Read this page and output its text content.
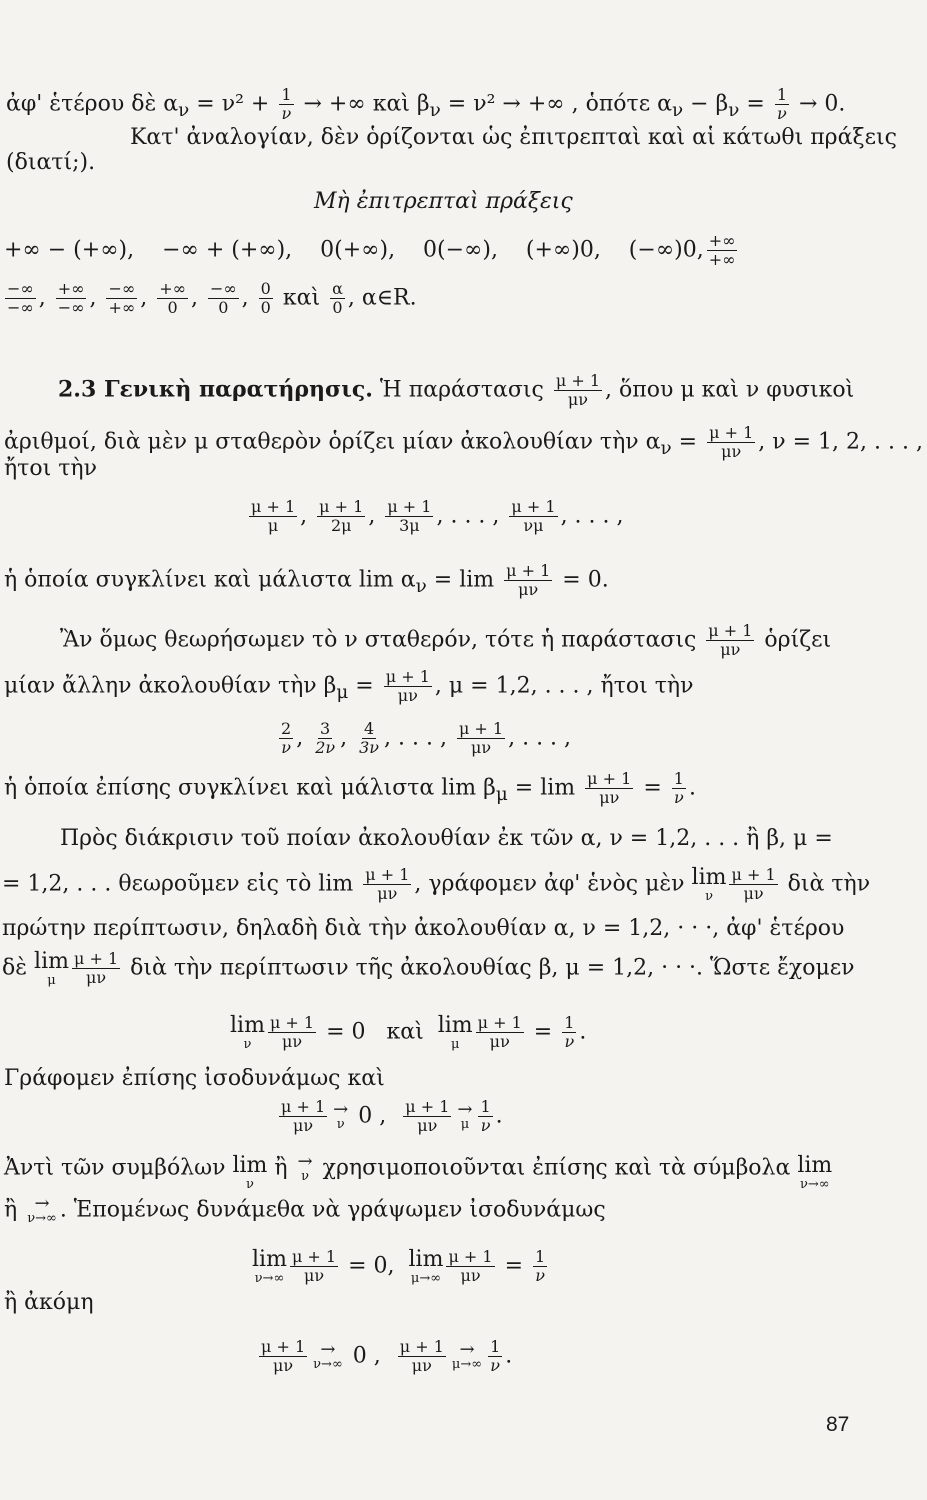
ἀφ' ἑτέρου δὲ $\alpha_\nu = \nu^2 + \frac{1}{\nu}$ → +∞ καὶ $\beta_\nu = \nu^2$ → +∞ , ὁπότε $\alpha_\nu - \beta_\nu = \frac{1}{\nu} \to 0$.
Κατ' ἀναλογίαν, δὲν ὁρίζονται ὡς ἐπιτρεπταὶ καὶ αἱ κάτωθι πράξεις
(διατί;).
Μὴ ἐπιτρεπταὶ πράξεις
+∞ − (+∞),    −∞ + (+∞),    0(+∞),    0(−∞),    (+∞)0,    (−∞)0, $\frac{+\infty}{+\infty}$
$\frac{-\infty}{-\infty}$ , $\frac{+\infty}{-\infty}$ , $\frac{-\infty}{+\infty}$ , $\frac{+\infty}{0}$ , $\frac{-\infty}{0}$ , $\frac{0}{0}$ καὶ $\frac{\alpha}{0}$ , α∈R.
2.3 Γενικὴ παρατήρησις. Ἡ παράστασις $\frac{\mu + 1}{\mu\nu}$ , ὅπου μ καὶ ν φυσικοὶ
ἀριθμοί, διὰ μὲν μ σταθερὸν ὁρίζει μίαν ἀκολουθίαν τὴν $\alpha_\nu = \frac{\mu + 1}{\mu\nu}$ , ν = 1, 2, . . . ,
ἤτοι τὴν
$\frac{\mu + 1}{\mu}$ , $\frac{\mu + 1}{2\mu}$ , $\frac{\mu + 1}{3\mu}$ , . . . , $\frac{\mu + 1}{\nu\mu}$ , . . . ,
ἡ ὁποία συγκλίνει καὶ μάλιστα $\lim \alpha_\nu = \lim \frac{\mu + 1}{\mu\nu} = 0$.
Ἂν ὅμως θεωρήσωμεν τὸ ν σταθερόν, τότε ἡ παράστασις $\frac{\mu + 1}{\mu\nu}$ ὁρίζει
μίαν ἄλλην ἀκολουθίαν τὴν $\beta_\mu = \frac{\mu + 1}{\mu\nu}$ , μ = 1,2, . . . , ἤτοι τὴν
$\frac{2}{\nu}$ , $\frac{3}{2\nu}$ , $\frac{4}{3\nu}$ , . . . , $\frac{\mu + 1}{\mu\nu}$ , . . . ,
ἡ ὁποία ἐπίσης συγκλίνει καὶ μάλιστα $\lim \beta_\mu = \lim \frac{\mu + 1}{\mu\nu} = \frac{1}{\nu}$ .
Πρὸς διάκρισιν τοῦ ποίαν ἀκολουθίαν ἐκ τῶν α, ν = 1,2, . . . ἢ β, μ =
= 1,2, . . . θεωροῦμεν εἰς τὸ $\lim \frac{\mu + 1}{\mu\nu}$ , γράφομεν ἀφ' ἑνὸς μὲν lim
ν $\frac{\mu + 1}{\mu\nu}$ διὰ τὴν
πρώτην περίπτωσιν, δηλαδὴ διὰ τὴν ἀκολουθίαν α, ν = 1,2, · · ·, ἀφ' ἑτέρου
δὲ lim
μ $\frac{\mu + 1}{\mu\nu}$ διὰ τὴν περίπτωσιν τῆς ἀκολουθίας β, μ = 1,2, · · ·. Ὥστε ἔχομεν
lim
ν $\frac{\mu + 1}{\mu\nu} = 0$   καὶ lim
μ $\frac{\mu + 1}{\mu\nu} = \frac{1}{\nu}$ .
Γράφομεν ἐπίσης ἰσοδυνάμως καὶ
$\frac{\mu + 1}{\mu\nu}$ →
ν 0 , $\frac{\mu + 1}{\mu\nu}$ →
μ $\frac{1}{\nu}$ .
Ἀντὶ τῶν συμβόλων lim
ν
ἢ →
ν χρησιμοποιοῦνται ἐπίσης καὶ τὰ σύμβολα lim
ν→∞
ἢ →
ν→∞ . Ἑπομένως δυνάμεθα νὰ γράψωμεν ἰσοδυνάμως
lim
$\nu\to\infty \frac{\mu + 1}{\mu\nu} = 0$, lim
$\mu\to\infty \frac{\mu + 1}{\mu\nu} = \frac{1}{\nu}$
ἢ ἀκόμη
$\frac{\mu + 1}{\mu\nu}$ →
ν→∞ 0 , $\frac{\mu + 1}{\mu\nu}$ →
$\mu\to\infty \frac{1}{\nu}$ .
87
